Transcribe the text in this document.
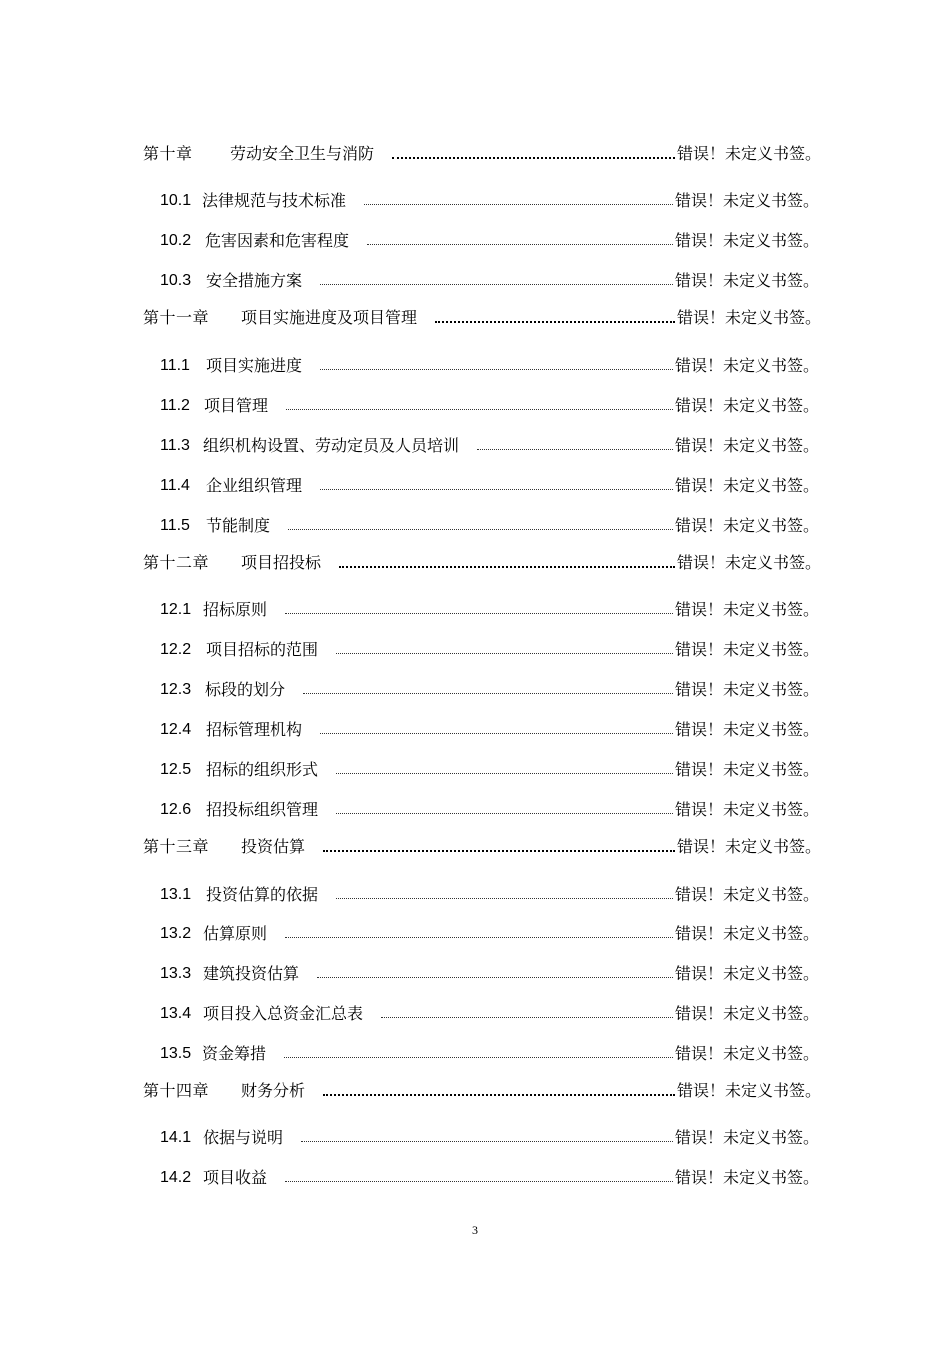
第十章 劳动安全卫生与消防	错误！未定义书签。
10.1 法律规范与技术标准	错误！未定义书签。
10.2 危害因素和危害程度	错误！未定义书签。
10.3 安全措施方案	错误！未定义书签。
第十一章 项目实施进度及项目管理	错误！未定义书签。
11.1 项目实施进度	错误！未定义书签。
11.2 项目管理	错误！未定义书签。
11.3 组织机构设置、劳动定员及人员培训	错误！未定义书签。
11.4 企业组织管理	错误！未定义书签。
11.5 节能制度	错误！未定义书签。
第十二章 项目招投标	错误！未定义书签。
12.1 招标原则	错误！未定义书签。
12.2 项目招标的范围	错误！未定义书签。
12.3 标段的划分	错误！未定义书签。
12.4 招标管理机构	错误！未定义书签。
12.5 招标的组织形式	错误！未定义书签。
12.6 招投标组织管理	错误！未定义书签。
第十三章 投资估算	错误！未定义书签。
13.1 投资估算的依据	错误！未定义书签。
13.2 估算原则	错误！未定义书签。
13.3 建筑投资估算	错误！未定义书签。
13.4 项目投入总资金汇总表	错误！未定义书签。
13.5 资金筹措	错误！未定义书签。
第十四章 财务分析	错误！未定义书签。
14.1 依据与说明	错误！未定义书签。
14.2 项目收益	错误！未定义书签。
3
